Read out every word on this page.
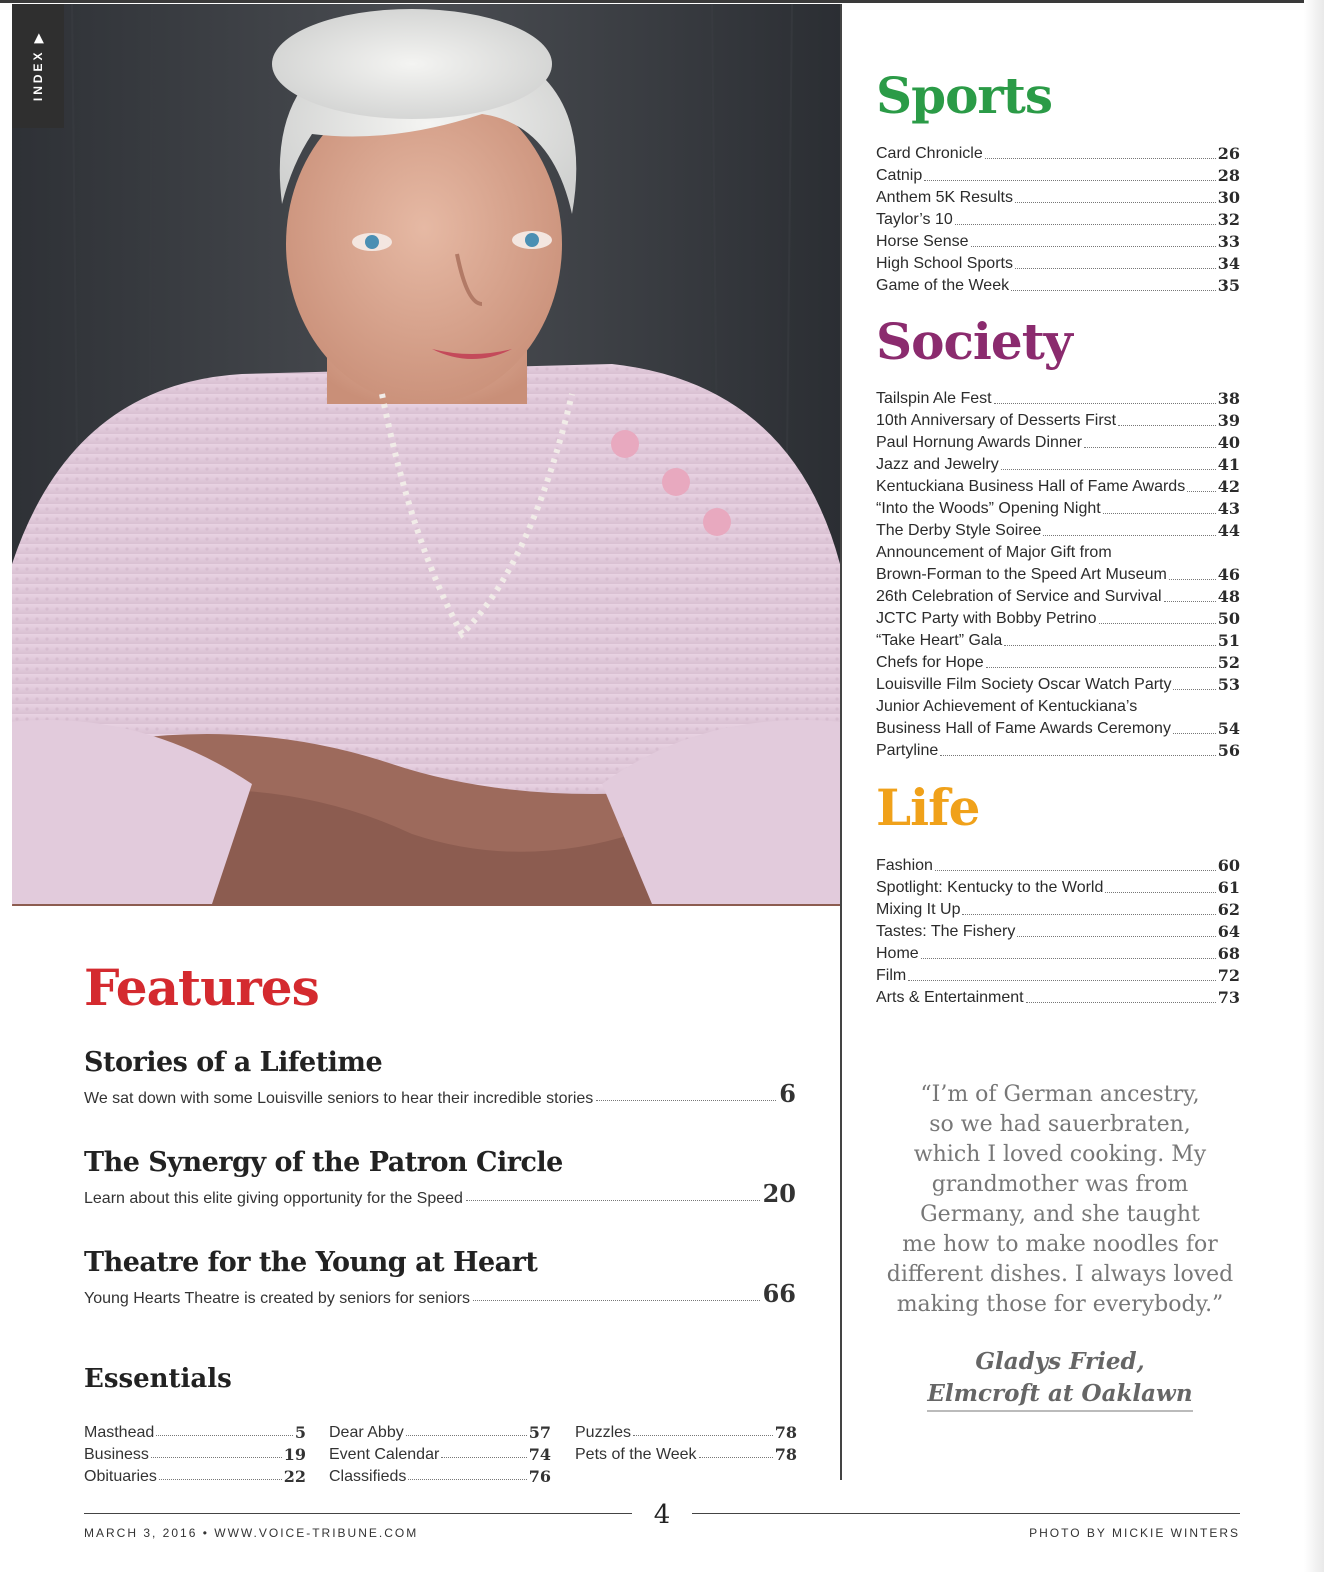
INDEX ▶	Sports
Card Chronicle	26
Catnip	28
Anthem 5K Results	30
Taylor’s 10	32
Horse Sense	33
High School Sports	34
Game of the Week	35
Society
Tailspin Ale Fest	38
10th Anniversary of Desserts First	39
Paul Hornung Awards Dinner	40
Jazz and Jewelry	41
Kentuckiana Business Hall of Fame Awards 42
“Into the Woods” Opening Night	43
The Derby Style Soiree	44
Announcement of Major Gift from
Brown-Forman to the Speed Art Museum	46
26th Celebration of Service and Survival	48
JCTC Party with Bobby Petrino	50
“Take Heart” Gala	51
Chefs for Hope	52
Louisville Film Society Oscar Watch Party	53
Junior Achievement of Kentuckiana’s
Business Hall of Fame Awards Ceremony	54
Partyline	56
Life
Fashion	60
Spotlight: Kentucky to the World	61
Mixing It Up	62
Tastes: The Fishery	64
Home	68
Film	72
Arts & Entertainment	73
Features
Stories of a Lifetime
We sat down with some Louisville seniors to hear their incredible stories	6
The Synergy of the Patron Circle
Learn about this elite giving opportunity for the Speed	20
Theatre for the Young at Heart
Young Hearts Theatre is created by seniors for seniors	66
Essentials
Masthead	5
Business	19
Obituaries	22
Dear Abby	57
Event Calendar	74
Classifieds	76
Puzzles	78
Pets of the Week	78
“I’m of German ancestry,
so we had sauerbraten,
which I loved cooking. My
grandmother was from
Germany, and she taught
me how to make noodles for
different dishes. I always loved
making those for everybody.”
Gladys Fried,
Elmcroft at Oaklawn
4
MARCH 3, 2016 • WWW.VOICE-TRIBUNE.COM	PHOTO BY MICKIE WINTERS
